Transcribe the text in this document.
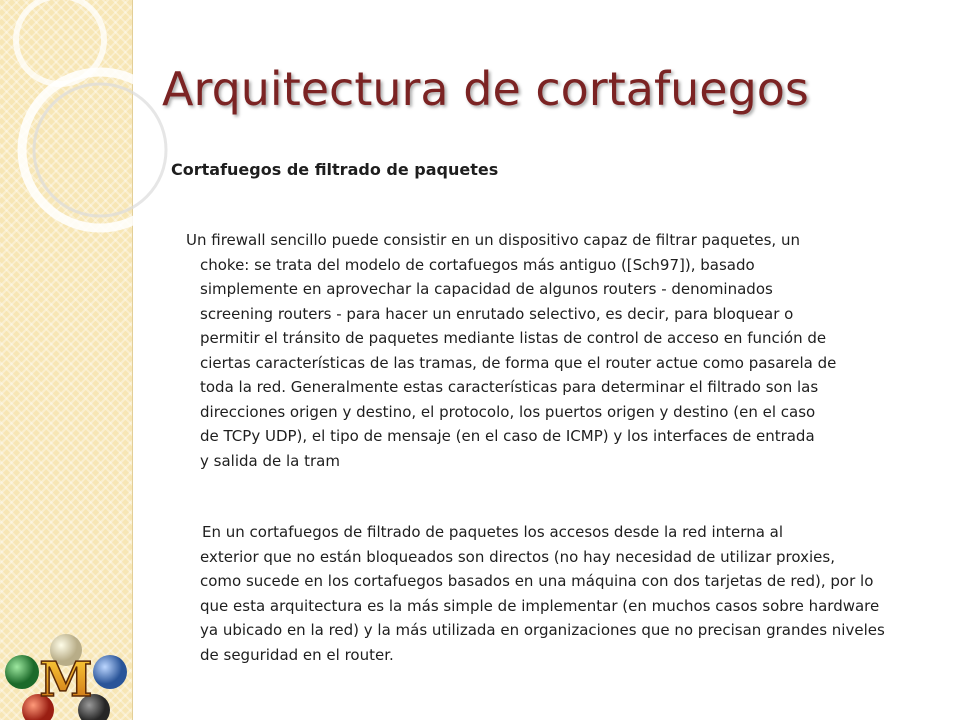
Arquitectura de cortafuegos
Cortafuegos de filtrado de paquetes
Un firewall sencillo puede consistir en un dispositivo capaz de filtrar paquetes, un
choke: se trata del modelo de cortafuegos más antiguo ([Sch97]), basado
simplemente en aprovechar la capacidad de algunos routers - denominados
screening routers - para hacer un enrutado selectivo, es decir, para bloquear o
permitir el tránsito de paquetes mediante listas de control de acceso en función de
ciertas características de las tramas, de forma que el router actue como pasarela de
toda la red. Generalmente estas características para determinar el filtrado son las
direcciones origen y destino, el protocolo, los puertos origen y destino (en el caso
de TCPy UDP), el tipo de mensaje (en el caso de ICMP) y los interfaces de entrada
y salida de la tram
En un cortafuegos de filtrado de paquetes los accesos desde la red interna al
exterior que no están bloqueados son directos (no hay necesidad de utilizar proxies,
como sucede en los cortafuegos basados en una máquina con dos tarjetas de red), por lo
que esta arquitectura es la más simple de implementar (en muchos casos sobre hardware
ya ubicado en la red) y la más utilizada en organizaciones que no precisan grandes niveles
de seguridad en el router.
M
